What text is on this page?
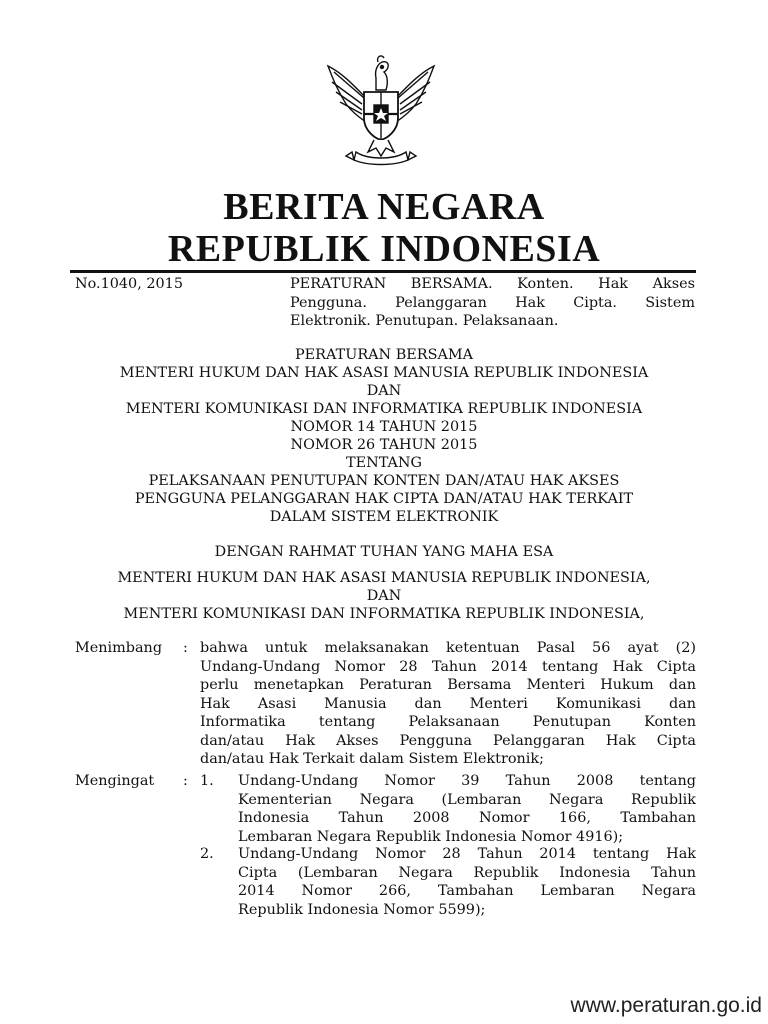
BERITA NEGARA
REPUBLIK INDONESIA
No.1040, 2015	PERATURAN BERSAMA. Konten. Hak Akses
Pengguna. Pelanggaran Hak Cipta. Sistem
Elektronik. Penutupan. Pelaksanaan.
PERATURAN BERSAMA
MENTERI HUKUM DAN HAK ASASI MANUSIA REPUBLIK INDONESIA
DAN
MENTERI KOMUNIKASI DAN INFORMATIKA REPUBLIK INDONESIA
NOMOR 14 TAHUN 2015
NOMOR 26 TAHUN 2015
TENTANG
PELAKSANAAN PENUTUPAN KONTEN DAN/ATAU HAK AKSES
PENGGUNA PELANGGARAN HAK CIPTA DAN/ATAU HAK TERKAIT
DALAM SISTEM ELEKTRONIK
DENGAN RAHMAT TUHAN YANG MAHA ESA
MENTERI HUKUM DAN HAK ASASI MANUSIA REPUBLIK INDONESIA,
DAN
MENTERI KOMUNIKASI DAN INFORMATIKA REPUBLIK INDONESIA,
Menimbang : bahwa untuk melaksanakan ketentuan Pasal 56 ayat (2)
Undang-Undang Nomor 28 Tahun 2014 tentang Hak Cipta
perlu menetapkan Peraturan Bersama Menteri Hukum dan
Hak Asasi Manusia dan Menteri Komunikasi dan
Informatika tentang Pelaksanaan Penutupan Konten
dan/atau Hak Akses Pengguna Pelanggaran Hak Cipta
dan/atau Hak Terkait dalam Sistem Elektronik;
Mengingat : 1. Undang-Undang Nomor 39 Tahun 2008 tentang
Kementerian Negara (Lembaran Negara Republik
Indonesia Tahun 2008 Nomor 166, Tambahan
Lembaran Negara Republik Indonesia Nomor 4916);
2. Undang-Undang Nomor 28 Tahun 2014 tentang Hak
Cipta (Lembaran Negara Republik Indonesia Tahun
2014 Nomor 266, Tambahan Lembaran Negara
Republik Indonesia Nomor 5599);
www.peraturan.go.id
